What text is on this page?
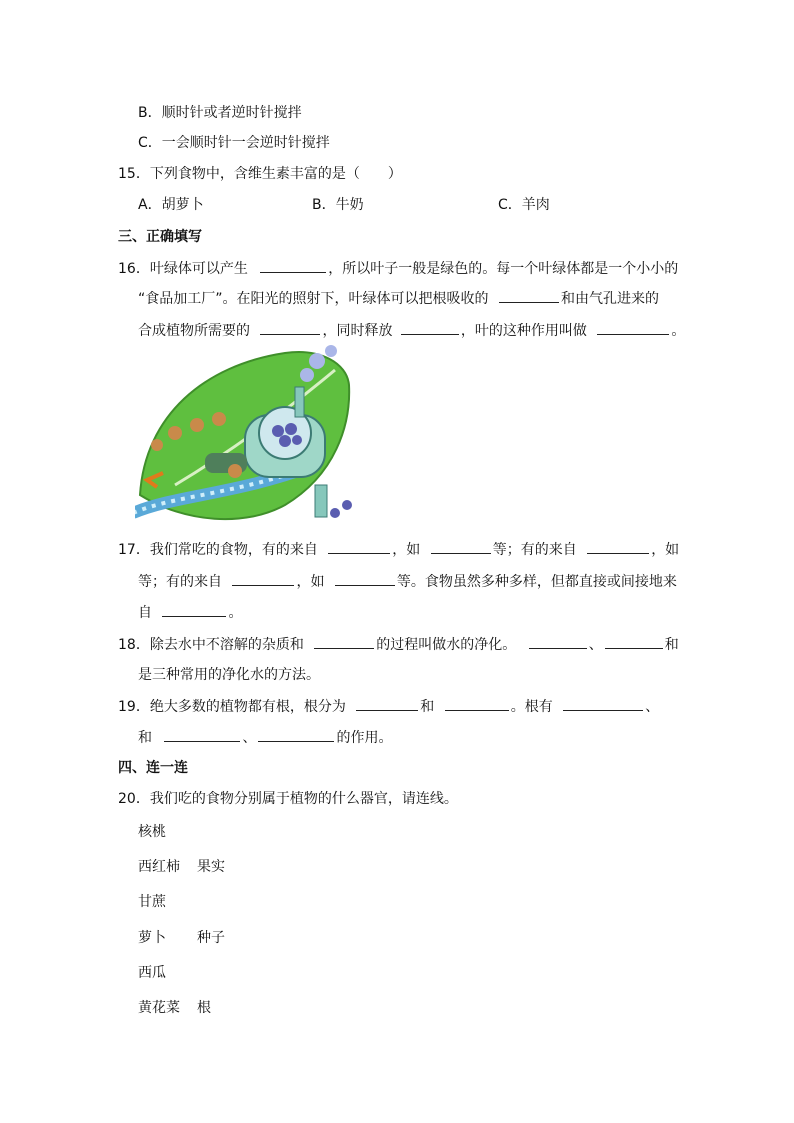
B．顺时针或者逆时针搅拌
C．一会顺时针一会逆时针搅拌
15．下列食物中，含维生素丰富的是（　　）
A．胡萝卜	B．牛奶	C．羊肉
三、正确填写
16．叶绿体可以产生	，所以叶子一般是绿色的。每一个叶绿体都是一个小小的
“食品加工厂”。在阳光的照射下，叶绿体可以把根吸收的	和由气孔进来的
合成植物所需要的	，同时释放	，叶的这种作用叫做	。
17．我们常吃的食物，有的来自	，如	等；有的来自	，如
等；有的来自	，如	等。食物虽然多种多样，但都直接或间接地来
自	。
18．除去水中不溶解的杂质和	的过程叫做水的净化。	、	和
是三种常用的净化水的方法。
19．绝大多数的植物都有根，根分为	和	。根有	、
和	、	的作用。
四、连一连
20．我们吃的食物分别属于植物的什么器官，请连线。
核桃
西红柿 果实
甘蔗
萝卜 种子
西瓜
黄花菜 根
